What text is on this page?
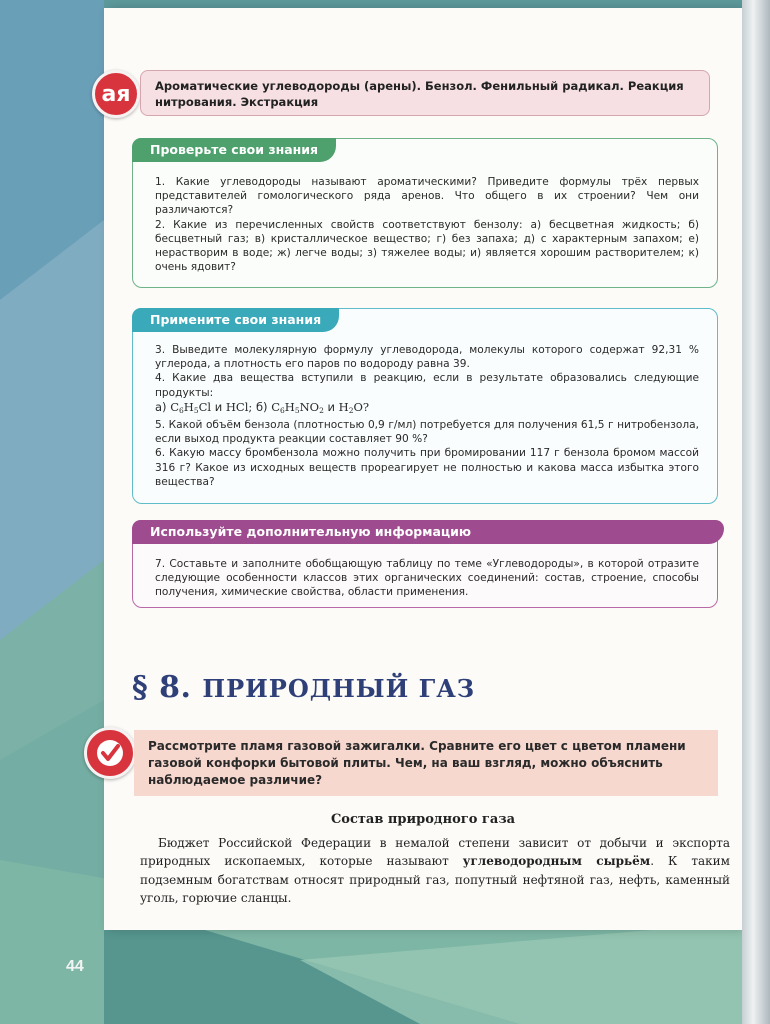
ая	Ароматические углеводороды (арены). Бензол. Фенильный радикал. Реакция нитрования. Экстракция
Проверьте свои знания

1. Какие углеводороды называют ароматическими? Приведите формулы трёх первых представителей гомологического ряда аренов. Что общего в их строении? Чем они различаются?

2. Какие из перечисленных свойств соответствуют бензолу: а) бесцветная жидкость; б) бесцветный газ; в) кристаллическое вещество; г) без запаха; д) с характерным запахом; е) нерастворим в воде; ж) легче воды; з) тяжелее воды; и) является хорошим растворителем; к) очень ядовит?

Примените свои знания

3. Выведите молекулярную формулу углеводорода, молекулы которого содержат 92,31 % углерода, а плотность его паров по водороду равна 39.

4. Какие два вещества вступили в реакцию, если в результате образовались следующие продукты:

а) $C_6H_5Cl$ и HCl; б) $C_6H_5NO_2$ и $H_2O$?

5. Какой объём бензола (плотностью 0,9 г/мл) потребуется для получения 61,5 г нитробензола, если выход продукта реакции составляет 90 %?

6. Какую массу бромбензола можно получить при бромировании 117 г бензола бромом массой 316 г? Какое из исходных веществ прореагирует не полностью и какова масса избытка этого вещества?

Используйте дополнительную информацию

7. Составьте и заполните обобщающую таблицу по теме «Углеводороды», в которой отразите следующие особенности классов этих органических соединений: состав, строение, способы получения, химические свойства, области применения.

§ 8. ПРИРОДНЫЙ ГАЗ
Рассмотрите пламя газовой зажигалки. Сравните его цвет с цветом пламени газовой конфорки бытовой плиты. Чем, на ваш взгляд, можно объяснить наблюдаемое различие?
Состав природного газа
Бюджет Российской Федерации в немалой степени зависит от добычи и экспорта природных ископаемых, которые называют углеводородным сырьём. К таким подземным богатствам относят природный газ, попутный нефтяной газ, нефть, каменный уголь, горючие сланцы.
44
